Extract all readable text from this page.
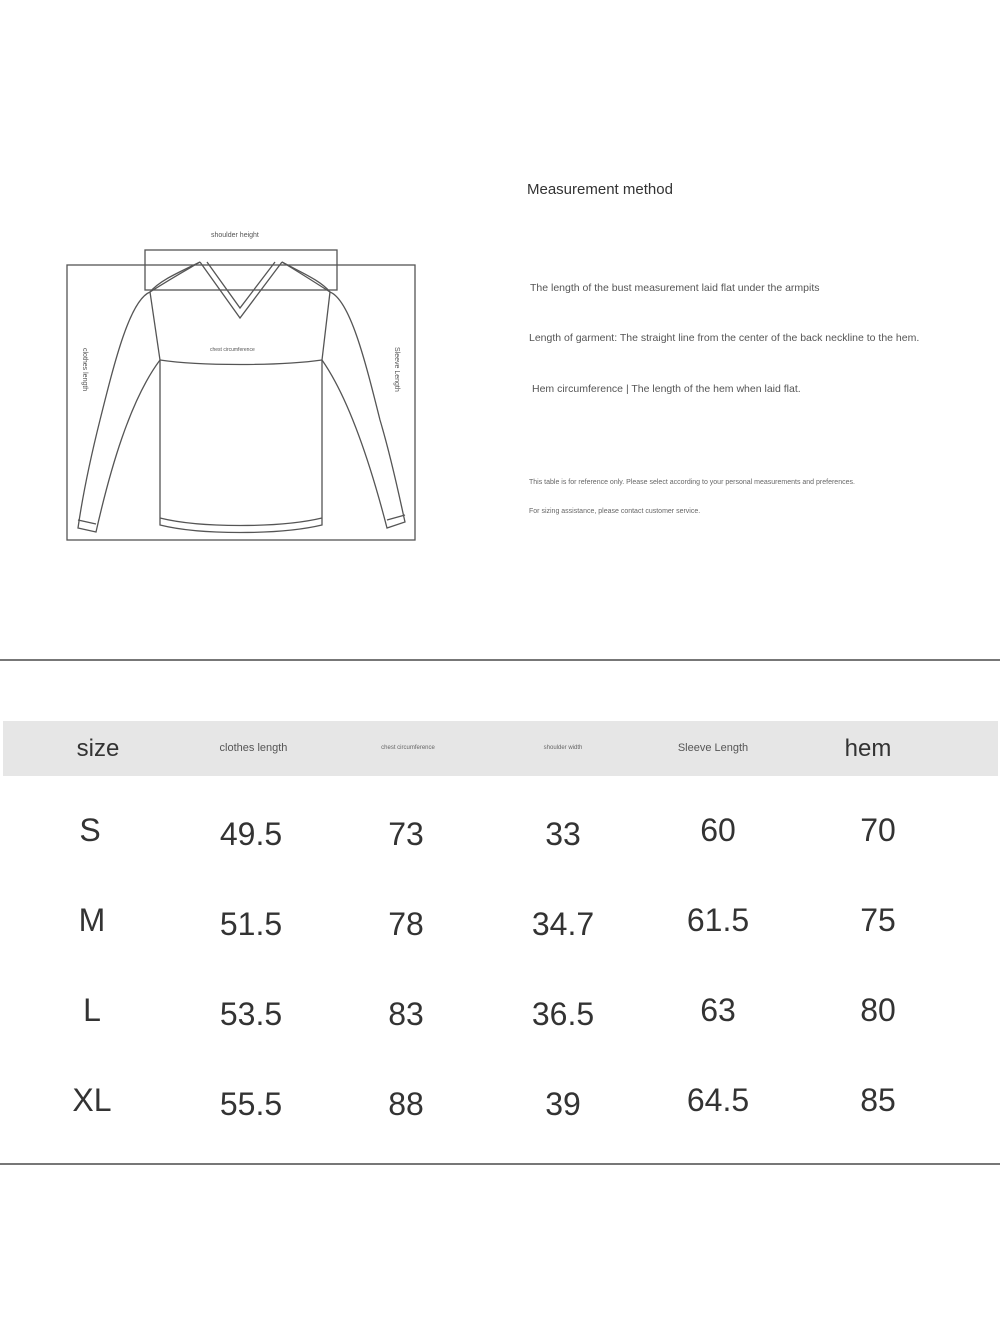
shoulder height
chest circumference
clothes length	Sleeve Length
Measurement method
The length of the bust measurement laid flat under the armpits
Length of garment: The straight line from the center of the back neckline to the hem.
Hem circumference | The length of the hem when laid flat.
This table is for reference only. Please select according to your personal measurements and preferences.
For sizing assistance, please contact customer service.
size	clothes length	chest circumference	shoulder width	Sleeve Length	hem
S	49.5	73	33	60	70
M	51.5	78	34.7	61.5	75
L	53.5	83	36.5	63	80
XL	55.5	88	39	64.5	85
